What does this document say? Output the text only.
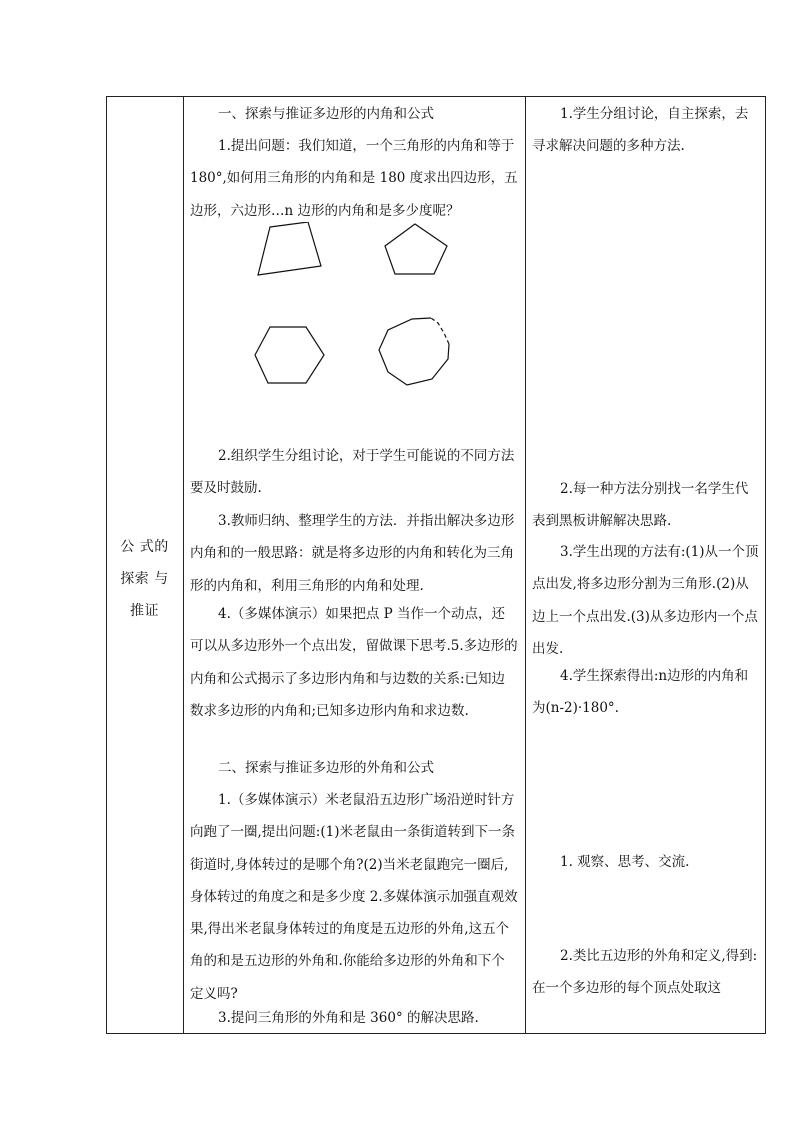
公 式的探索 与推证

一、探索与推证多边形的内角和公式

1.提出问题：我们知道，一个三角形的内角和等于 180°,如何用三角形的内角和是 180 度求出四边形，五边形，六边形…n 边形的内角和是多少度呢？

2.组织学生分组讨论，对于学生可能说的不同方法要及时鼓励.

3.教师归纳、整理学生的方法．并指出解决多边形内角和的一般思路：就是将多边形的内角和转化为三角形的内角和，利用三角形的内角和处理.

4.（多媒体演示）如果把点 P 当作一个动点，还可以从多边形外一个点出发，留做课下思考.5.多边形的内角和公式揭示了多边形内角和与边数的关系:已知边数求多边形的内角和;已知多边形内角和求边数.

二、探索与推证多边形的外角和公式

1.（多媒体演示）米老鼠沿五边形广场沿逆时针方向跑了一圈,提出问题:(1)米老鼠由一条街道转到下一条街道时,身体转过的是哪个角?(2)当米老鼠跑完一圈后,身体转过的角度之和是多少度 2.多媒体演示加强直观效果,得出米老鼠身体转过的角度是五边形的外角,这五个角的和是五边形的外角和.你能给多边形的外角和下个定义吗?

3.提问三角形的外角和是 360° 的解决思路.

1.学生分组讨论，自主探索，去寻求解决问题的多种方法.

2.每一种方法分别找一名学生代表到黑板讲解解决思路.

3.学生出现的方法有:(1)从一个顶点出发,将多边形分割为三角形.(2)从边上一个点出发.(3)从多边形内一个点出发.

4.学生探索得出:n边形的内角和为(n-2)·180°.

1. 观察、思考、交流.

2.类比五边形的外角和定义,得到:在一个多边形的每个顶点处取这
